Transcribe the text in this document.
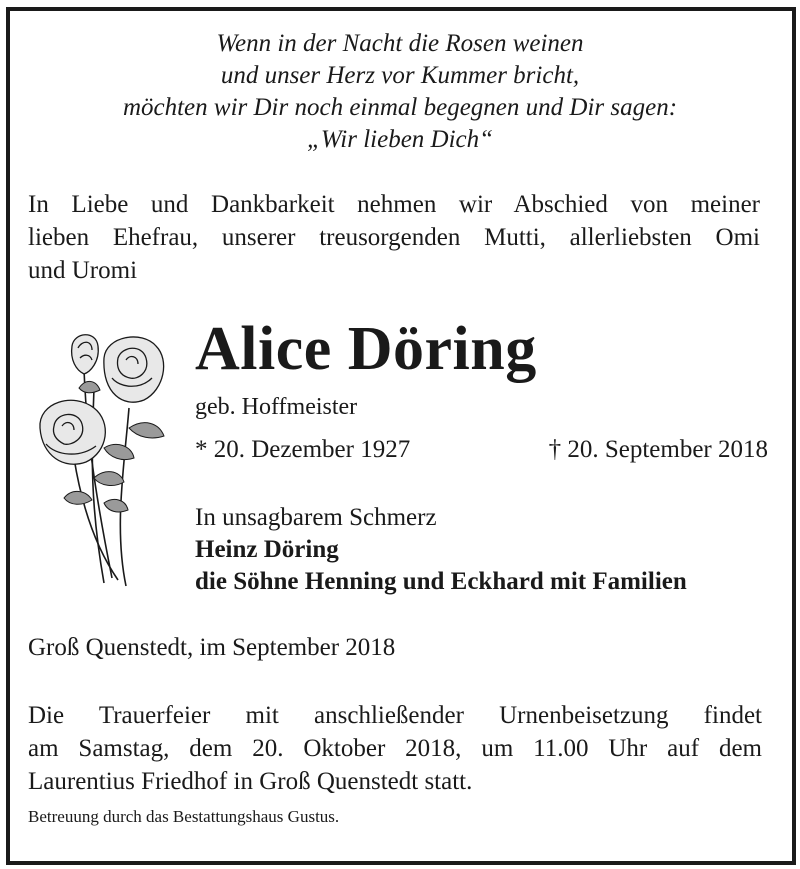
Wenn in der Nacht die Rosen weinen
und unser Herz vor Kummer bricht,
möchten wir Dir noch einmal begegnen und Dir sagen:
„Wir lieben Dich“
In Liebe und Dankbarkeit nehmen wir Abschied von meiner
lieben Ehefrau, unserer treusorgenden Mutti, allerliebsten Omi
und Uromi
Alice Döring
geb. Hoffmeister
* 20. Dezember 1927	† 20. September 2018
In unsagbarem Schmerz
Heinz Döring
die Söhne Henning und Eckhard mit Familien
Groß Quenstedt, im September 2018
Die Trauerfeier mit anschließender Urnenbeisetzung findet
am Samstag, dem 20. Oktober 2018, um 11.00 Uhr auf dem
Laurentius Friedhof in Groß Quenstedt statt.
Betreuung durch das Bestattungshaus Gustus.
